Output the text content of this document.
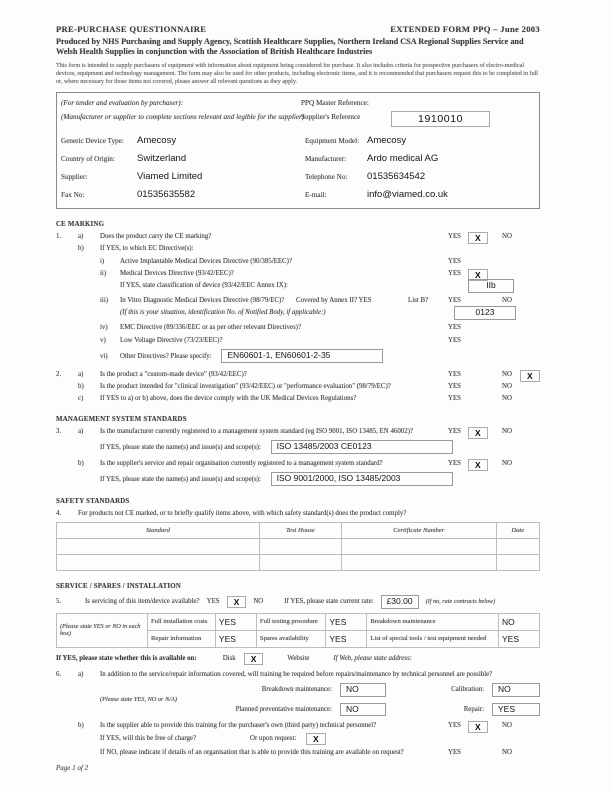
PRE-PURCHASE QUESTIONNAIRE	EXTENDED FORM PPQ – June 2003
Produced by NHS Purchasing and Supply Agency, Scottish Healthcare Supplies, Northern Ireland CSA Regional Supplies Service and Welsh Health Supplies in conjunction with the Association of British Healthcare Industries
This form is intended to supply purchasers of equipment with information about equipment being considered for purchase. It also includes criteria for prospective purchasers of electro-medical devices, equipment and technology management. The form may also be used for other products, including electronic items, and it is recommended that purchasers request this to be completed in full or, where necessary for those items not covered, please answer all relevant questions as they apply.
(For tender and evaluation by purchaser):	PPQ Master Reference:
(Manufacturer or supplier to complete sections relevant and legible for the supplier)
Supplier's Reference	1910010
Generic Device Type:	Amecosy	Equipment Model: Amecosy
Country of Origin:	Switzerland	Manufacturer:	Ardo medical AG
Supplier:	Viamed Limited	Telephone No:	01535634542
Fax No:	01535635582	E-mail:	info@viamed.co.uk
CE MARKING
1. a) Does the product carry the CE marking?	YES	X	NO
b) If YES, to which EC Directive(s):
i) Active Implantable Medical Devices Directive (90/385/EEC)?	YES
ii) Medical Devices Directive (93/42/EEC)?	YES	X
If YES, state classification of device (93/42/EEC Annex IX):	IIb
iii) In Vitro Diagnostic Medical Devices Directive (98/79/EC)? Covered by Annex II? YES	List B?	YES	NO
(If this is your situation, identification No. of Notified Body, if applicable:)	0123
iv) EMC Directive (89/336/EEC or as per other relevant Directives)?	YES
v) Low Voltage Directive (73/23/EEC)?	YES
vi) Other Directives? Please specify: EN60601-1, EN60601-2-35
2. a) Is the product a "custom-made device" (93/42/EEC)?	YES	NO	X
b) Is the product intended for "clinical investigation" (93/42/EEC) or "performance evaluation" (98/79/EC)?	YES	NO
c) If YES to a) or b) above, does the device comply with the UK Medical Devices Regulations?	YES	NO
MANAGEMENT SYSTEM STANDARDS
3. a) Is the manufacturer currently registered to a management system standard (eg ISO 9001, ISO 13485, EN 46002)?	YES	X	NO
If YES, please state the name(s) and issue(s) and scope(s): ISO 13485/2003 CE0123
b) Is the supplier's service and repair organisation currently registered to a management system standard?	YES	X	NO
If YES, please state the name(s) and issue(s) and scope(s): ISO 9001/2000, ISO 13485/2003
SAFETY STANDARDS
4. For products not CE marked, or to briefly qualify items above, with which safety standard(s) does the product comply?
Standard	Test House	Certificate Number	Date

SERVICE / SPARES / INSTALLATION
5.	Is servicing of this item/device available? YES	X	NO	If YES, please state current rate:	£30.00	(If no, rate contracts below)
(Please state YES or NO in each box)	Full installation costs	YES	Full testing procedure	YES	Breakdown maintenance	NO
	Repair information	YES	Spares availability	YES	List of special tools / test equipment needed	YES
If YES, please state whether this is available on:	Disk	X	Website	If Web, please state address:
6. a) In addition to the service/repair information covered, will training be required before repairs/maintenance by technical personnel are possible?
(Please state YES, NO or N/A)
Breakdown maintenance:	NO	Calibration:	NO
Planned preventative maintenance:	NO	Repair:	YES
b) Is the supplier able to provide this training for the purchaser's own (third party) technical personnel?	YES	X	NO
If YES, will this be free of charge?	Or upon request:	X
If NO, please indicate if details of an organisation that is able to provide this training are available on request?	YES	NO
Page 1 of 2
